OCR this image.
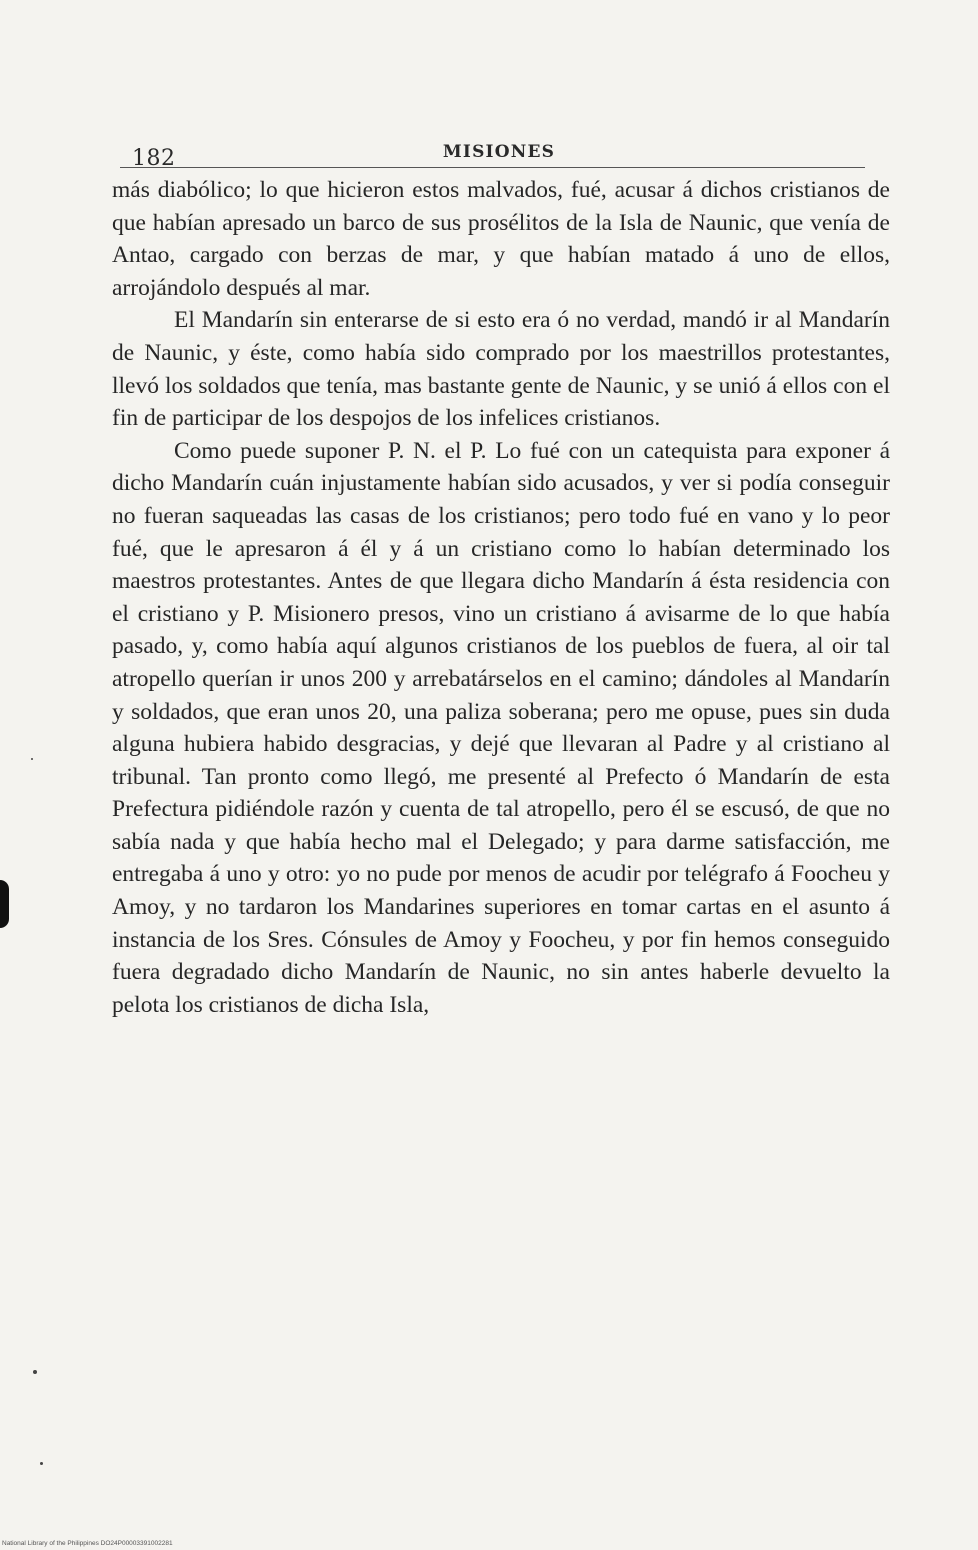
182	MISIONES

más diabólico; lo que hicieron estos malvados, fué, acusar á dichos cristianos de que habían apresado un barco de sus prosélitos de la Isla de Naunic, que venía de Antao, cargado con berzas de mar, y que habían matado á uno de ellos, arrojándolo después al mar.

El Mandarín sin enterarse de si esto era ó no verdad, mandó ir al Mandarín de Naunic, y éste, como había sido comprado por los maestrillos protestantes, llevó los soldados que tenía, mas bastante gente de Naunic, y se unió á ellos con el fin de participar de los despojos de los infelices cristianos.

Como puede suponer P. N. el P. Lo fué con un catequista para exponer á dicho Mandarín cuán injustamente habían sido acusados, y ver si podía conseguir no fueran saqueadas las casas de los cristianos; pero todo fué en vano y lo peor fué, que le apresaron á él y á un cristiano como lo habían determinado los maestros protestantes. Antes de que llegara dicho Mandarín á ésta residencia con el cristiano y P. Misionero presos, vino un cristiano á avisarme de lo que había pasado, y, como había aquí algunos cristianos de los pueblos de fuera, al oir tal atropello querían ir unos 200 y arrebatárselos en el camino; dándoles al Mandarín y soldados, que eran unos 20, una paliza soberana; pero me opuse, pues sin duda alguna hubiera habido desgracias, y dejé que llevaran al Padre y al cristiano al tribunal. Tan pronto como llegó, me presenté al Prefecto ó Mandarín de esta Prefectura pidiéndole razón y cuenta de tal atropello, pero él se escusó, de que no sabía nada y que había hecho mal el Delegado; y para darme satisfacción, me entregaba á uno y otro: yo no pude por menos de acudir por telégrafo á Foocheu y Amoy, y no tardaron los Mandarines superiores en tomar cartas en el asunto á instancia de los Sres. Cónsules de Amoy y Foocheu, y por fin hemos conseguido fuera degradado dicho Mandarín de Naunic, no sin antes haberle devuelto la pelota los cristianos de dicha Isla,

National Library of the Philippines DO24P00003391002281
